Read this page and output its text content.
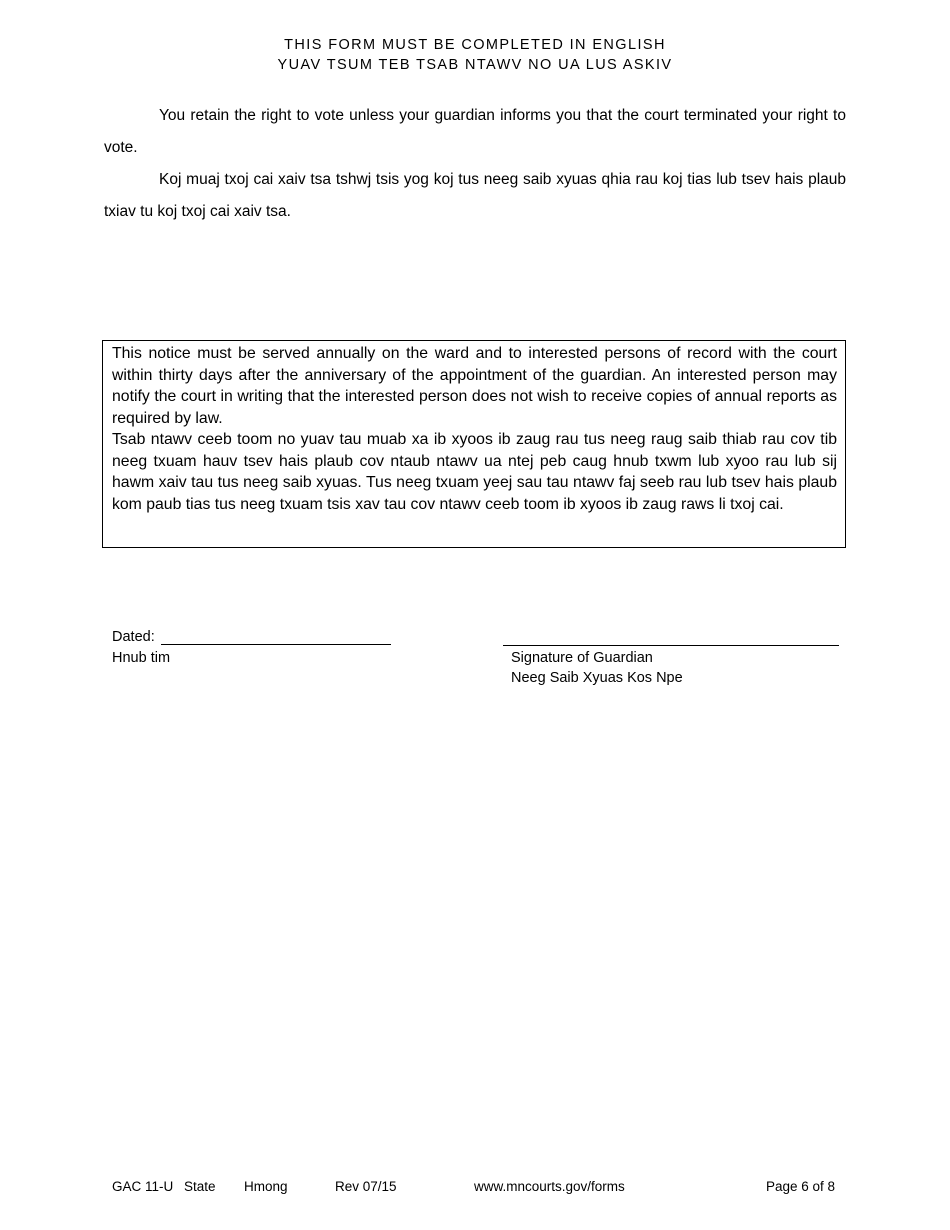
THIS FORM MUST BE COMPLETED IN ENGLISH
YUAV TSUM TEB TSAB NTAWV NO UA LUS ASKIV
You retain the right to vote unless your guardian informs you that the court terminated your right to vote.
Koj muaj txoj cai xaiv tsa tshwj tsis yog koj tus neeg saib xyuas qhia rau koj tias lub tsev hais plaub txiav tu koj txoj cai xaiv tsa.

This notice must be served annually on the ward and to interested persons of record with the court within thirty days after the anniversary of the appointment of the guardian. An interested person may notify the court in writing that the interested person does not wish to receive copies of annual reports as required by law.

Tsab ntawv ceeb toom no yuav tau muab xa ib xyoos ib zaug rau tus neeg raug saib thiab rau cov tib neeg txuam hauv tsev hais plaub cov ntaub ntawv ua ntej peb caug hnub txwm lub xyoo rau lub sij hawm xaiv tau tus neeg saib xyuas. Tus neeg txuam yeej sau tau ntawv faj seeb rau lub tsev hais plaub kom paub tias tus neeg txuam tsis xav tau cov ntawv ceeb toom ib xyoos ib zaug raws li txoj cai.

Dated:
Hnub tim	Signature of Guardian
Neeg Saib Xyuas Kos Npe
GAC 11-U State Hmong	Rev 07/15	www.mncourts.gov/forms	Page 6 of 8
